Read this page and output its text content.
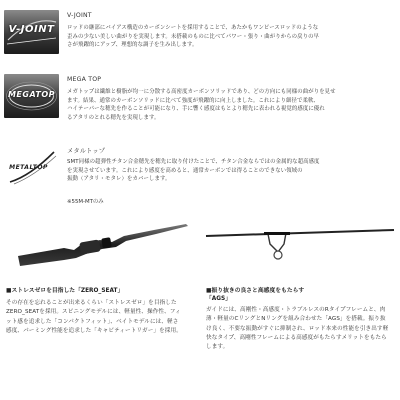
V-JOINT
V-JOINT
ロッドの継部にバイアス構造のカーボンシートを採用することで、あたかもワンピースロッドのような
歪みの少ない美しい曲がりを実現します。未搭載のものに比べてパワー・張り・曲がりからの戻りの早
さが飛躍的にアップ、理想的な調子を生み出します。
MEGATOP
MEGA TOP
メガトップは繊維と樹脂が均一に分散する高密度カーボンソリッドであり、どの方向にも同様の曲がりを見せ
ます。結果、通常のカーボンソリッドに比べて強度が飛躍的に向上しました。これにより細径で柔軟、
ハイテーパーな穂先を作ることが可能になり、手に響く感度はもとより穂先に表われる視覚的感度に優れ
るアタリのとれる穂先を実現します。
METALTOP
メタルトップ
SMT同様の超弾性チタン合金穂先を穂先に取り付けたことで、チタン合金ならではの金属的な超高感度
を実現させています。これにより感度を高めると、通常カーボンでは得ることのできない領域の
振動（アタリ・モタレ）をカバーします。
※55M-MTのみ
■ストレスゼロを目指した「ZERO_SEAT」
その存在を忘れることが出来るくらい「ストレスゼロ」を目指したZERO_SEATを採用。スピニングモデルには、軽量性、操作性、フィット感を追求した「コンパクトフィット」、ベイトモデルには、軽さ感度、パーミング性能を追求した「キャビティートリガー」を採用。
■振り抜きの良さと高感度をもたらす
「AGS」
ガイドには、高剛性・高感度・トラブルレスのRタイプフレームと、肉薄・軽量のCリングとNリングを組み合わせた「AGS」を搭載。振り抜け良く、不要な振動がすぐに抑制され、ロッド本来の性能を引き出す軽快なタイプ、高剛性フレームによる高感度がもたらすメリットをもたらします。
